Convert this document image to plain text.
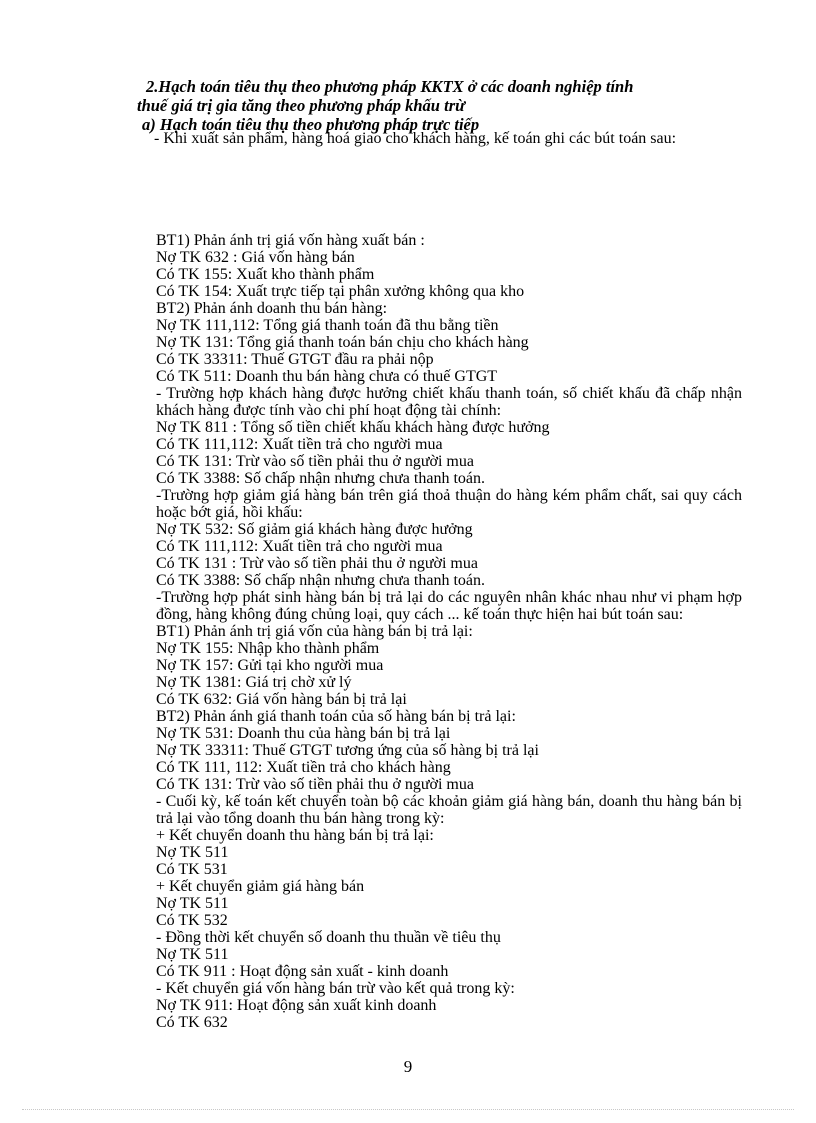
2.Hạch toán tiêu thụ theo phương pháp KKTX ở các doanh nghiệp tính
thuế giá trị gia tăng theo phương pháp khấu trừ
a) Hạch toán tiêu thụ theo phương pháp trực tiếp
- Khi xuất sản phẩm, hàng hoá giao cho khách hàng, kế toán ghi các bút toán sau:
BT1) Phản ánh trị giá vốn hàng xuất bán :
Nợ TK 632 : Giá vốn hàng bán
Có TK 155: Xuất kho thành phẩm
Có TK 154: Xuất trực tiếp tại phân xưởng không qua kho
BT2) Phản ánh doanh thu bán hàng:
Nợ TK 111,112: Tổng giá thanh toán đã thu bằng tiền
Nợ TK 131: Tổng giá thanh toán bán chịu cho khách hàng
Có TK 33311: Thuế GTGT đầu ra phải nộp
Có TK 511: Doanh thu bán hàng chưa có thuế GTGT
- Trường hợp khách hàng được hưởng chiết khấu thanh toán, số chiết khấu đã chấp nhận khách hàng được tính vào chi phí hoạt động tài chính:
Nợ TK 811 : Tổng số tiền chiết khấu khách hàng được hưởng
Có TK 111,112: Xuất tiền trả cho người mua
Có TK 131: Trừ vào số tiền phải thu ở người mua
Có TK 3388: Số chấp nhận nhưng chưa thanh toán.
-Trường hợp giảm giá hàng bán trên giá thoả thuận do hàng kém phẩm chất, sai quy cách hoặc bớt giá, hồi khấu:
Nợ TK 532: Số giảm giá khách hàng được hưởng
Có TK 111,112: Xuất tiền trả cho người mua
Có TK 131 : Trừ vào số tiền phải thu ở người mua
Có TK 3388: Số chấp nhận nhưng chưa thanh toán.
-Trường hợp phát sinh hàng bán bị trả lại do các nguyên nhân khác nhau như vi phạm hợp đồng, hàng không đúng chủng loại, quy cách ... kế toán thực hiện hai bút toán sau:
BT1) Phản ánh trị giá vốn của hàng bán bị trả lại:
Nợ TK 155: Nhập kho thành phẩm
Nợ TK 157: Gửi tại kho người mua
Nợ TK 1381: Giá trị chờ xử lý
Có TK 632: Giá vốn hàng bán bị trả lại
BT2) Phản ánh giá thanh toán của số hàng bán bị trả lại:
Nợ TK 531: Doanh thu của hàng bán bị trả lại
Nợ TK 33311: Thuế GTGT tương ứng của số hàng bị trả lại
Có TK 111, 112: Xuất tiền trả cho khách hàng
Có TK 131: Trừ vào số tiền phải thu ở người mua
- Cuối kỳ, kế toán kết chuyển toàn bộ các khoản giảm giá hàng bán, doanh thu hàng bán bị trả lại vào tổng doanh thu bán hàng trong kỳ:
+ Kết chuyển doanh thu hàng bán bị trả lại:
Nợ TK 511
Có TK 531
+ Kết chuyển giảm giá hàng bán
Nợ TK 511
Có TK 532
- Đồng thời kết chuyển số doanh thu thuần về tiêu thụ
Nợ TK 511
Có TK 911 : Hoạt động sản xuất - kinh doanh
- Kết chuyển giá vốn hàng bán trừ vào kết quả trong kỳ:
Nợ TK 911: Hoạt động sản xuất kinh doanh
Có TK 632
9
